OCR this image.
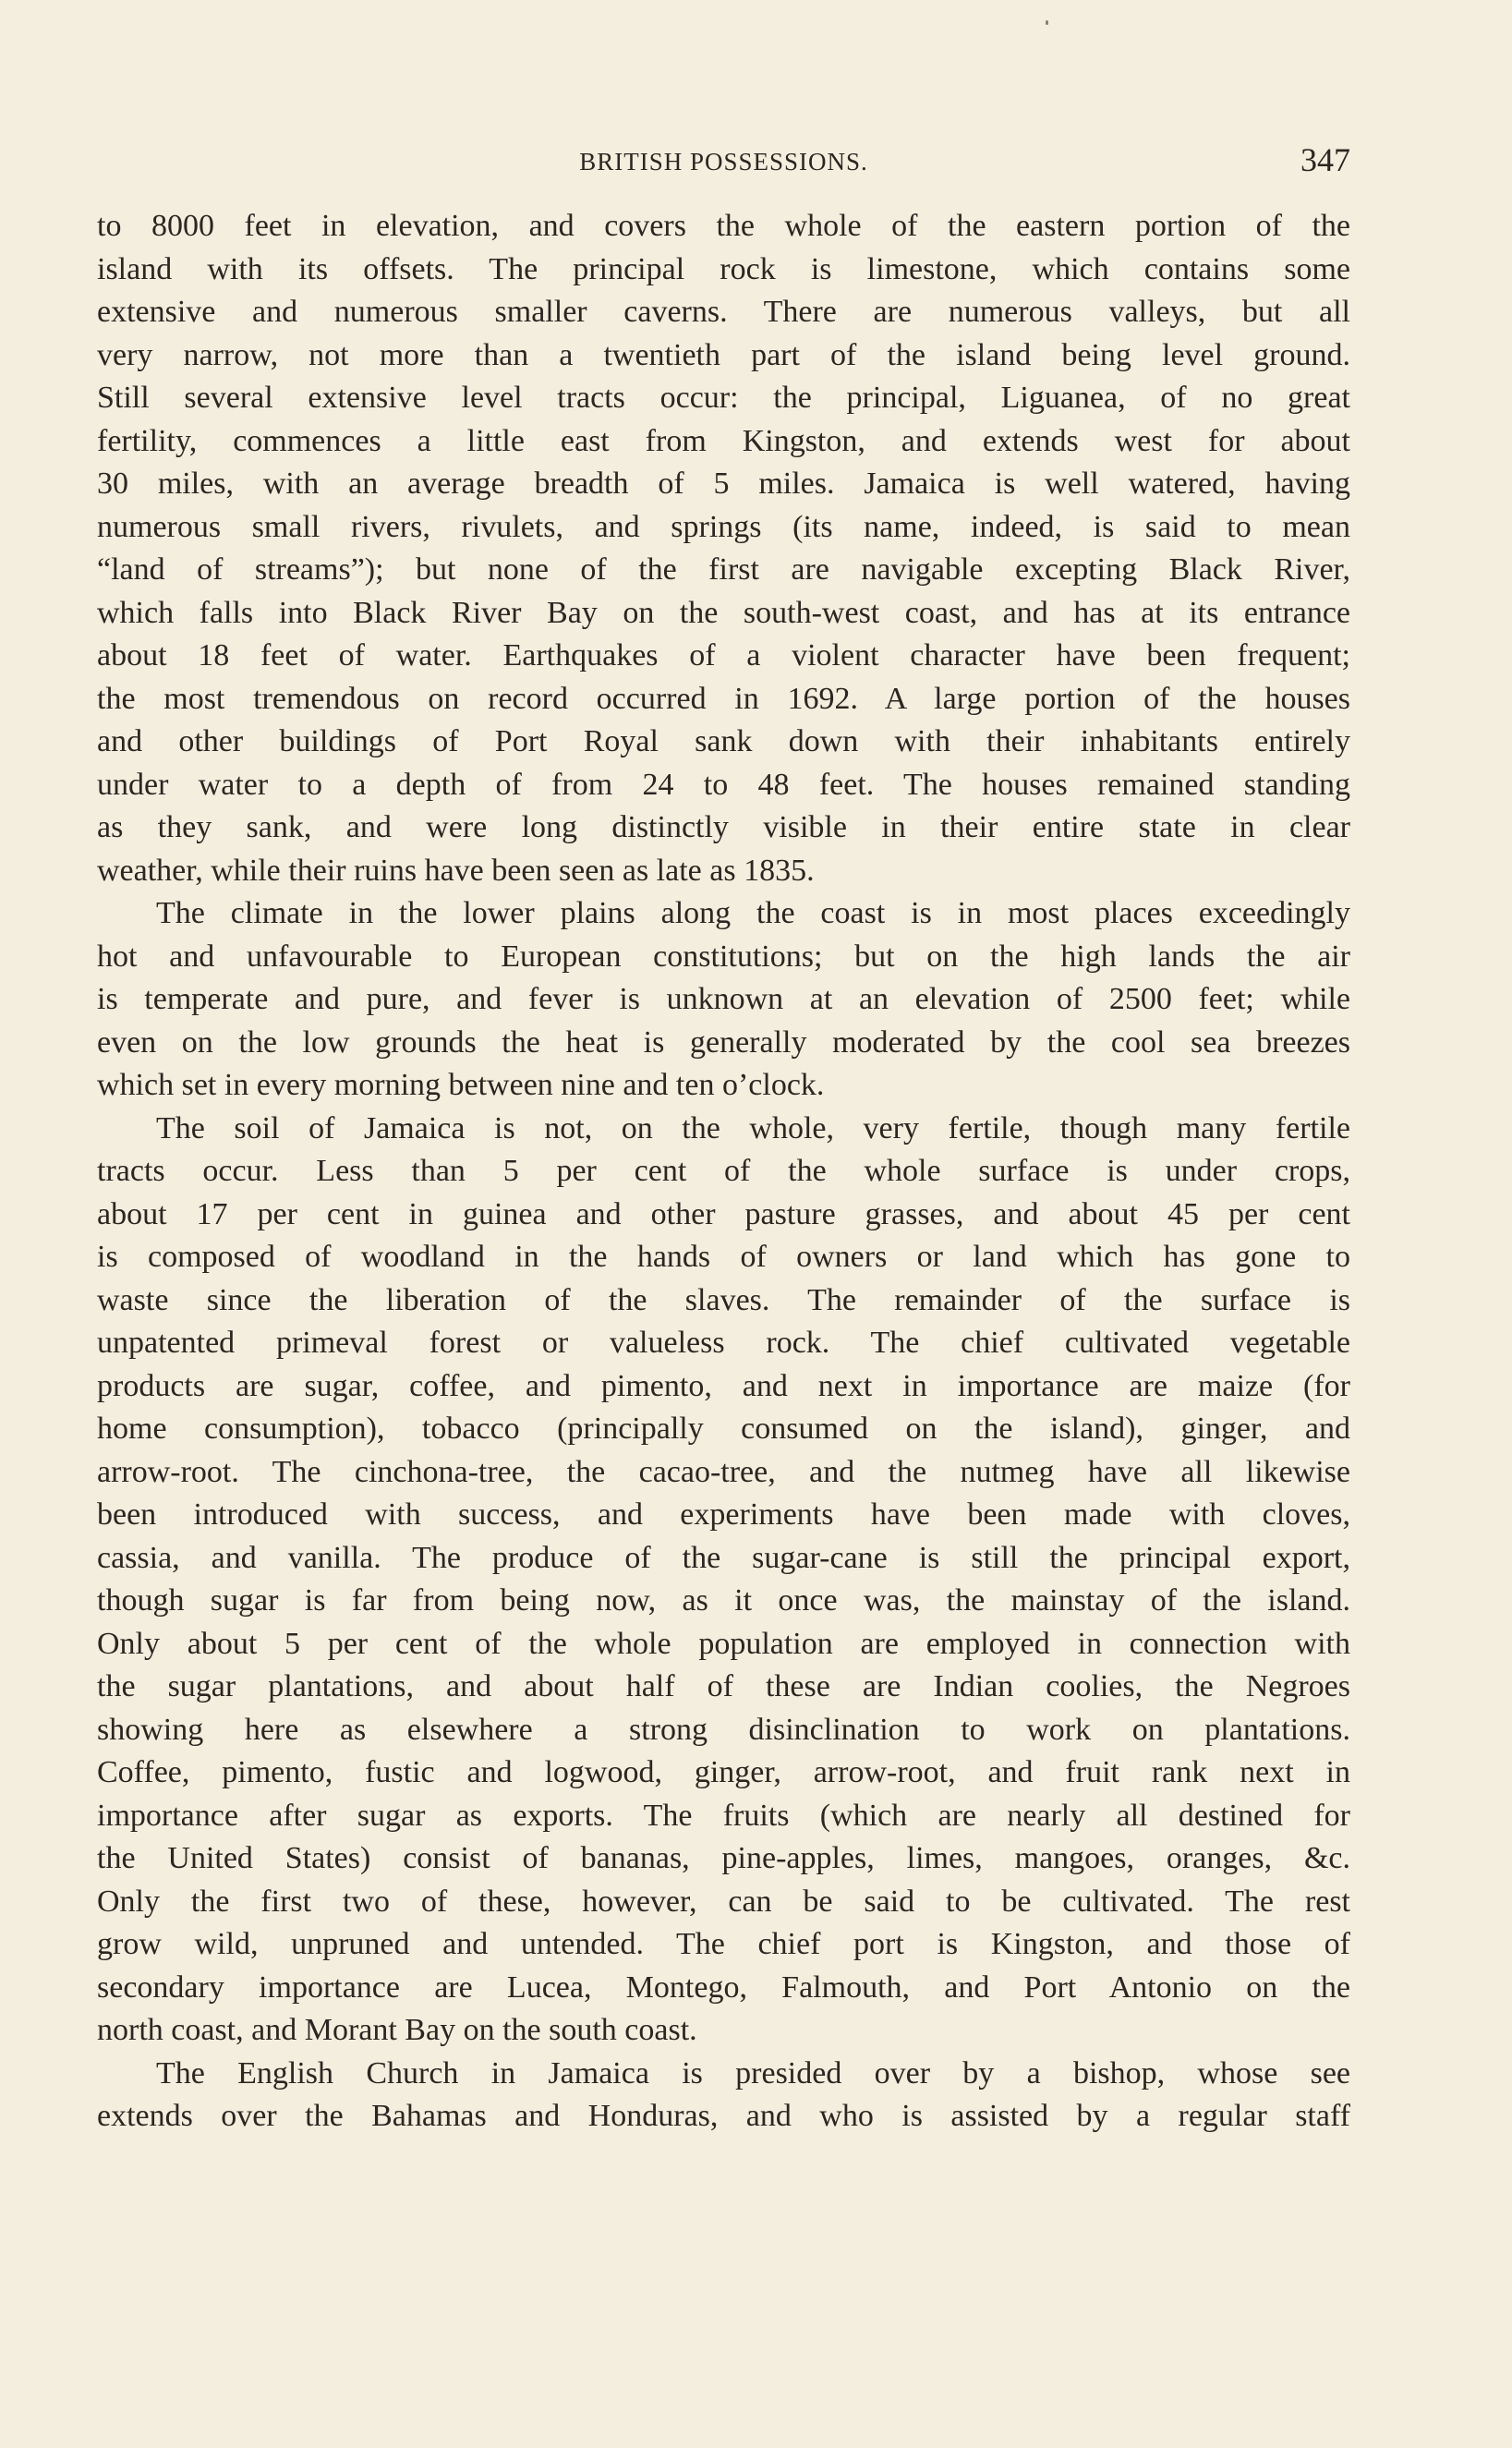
BRITISH POSSESSIONS.	347
to 8000 feet in elevation, and covers the whole of the eastern portion of the
island with its offsets. The principal rock is limestone, which contains some
extensive and numerous smaller caverns. There are numerous valleys, but all
very narrow, not more than a twentieth part of the island being level ground.
Still several extensive level tracts occur: the principal, Liguanea, of no great
fertility, commences a little east from Kingston, and extends west for about
30 miles, with an average breadth of 5 miles. Jamaica is well watered, having
numerous small rivers, rivulets, and springs (its name, indeed, is said to mean
“land of streams”); but none of the first are navigable excepting Black River,
which falls into Black River Bay on the south-west coast, and has at its entrance
about 18 feet of water. Earthquakes of a violent character have been frequent;
the most tremendous on record occurred in 1692. A large portion of the houses
and other buildings of Port Royal sank down with their inhabitants entirely
under water to a depth of from 24 to 48 feet. The houses remained standing
as they sank, and were long distinctly visible in their entire state in clear
weather, while their ruins have been seen as late as 1835.
The climate in the lower plains along the coast is in most places exceedingly
hot and unfavourable to European constitutions; but on the high lands the air
is temperate and pure, and fever is unknown at an elevation of 2500 feet; while
even on the low grounds the heat is generally moderated by the cool sea breezes
which set in every morning between nine and ten o’clock.
The soil of Jamaica is not, on the whole, very fertile, though many fertile
tracts occur. Less than 5 per cent of the whole surface is under crops,
about 17 per cent in guinea and other pasture grasses, and about 45 per cent
is composed of woodland in the hands of owners or land which has gone to
waste since the liberation of the slaves. The remainder of the surface is
unpatented primeval forest or valueless rock. The chief cultivated vegetable
products are sugar, coffee, and pimento, and next in importance are maize (for
home consumption), tobacco (principally consumed on the island), ginger, and
arrow-root. The cinchona-tree, the cacao-tree, and the nutmeg have all likewise
been introduced with success, and experiments have been made with cloves,
cassia, and vanilla. The produce of the sugar-cane is still the principal export,
though sugar is far from being now, as it once was, the mainstay of the island.
Only about 5 per cent of the whole population are employed in connection with
the sugar plantations, and about half of these are Indian coolies, the Negroes
showing here as elsewhere a strong disinclination to work on plantations.
Coffee, pimento, fustic and logwood, ginger, arrow-root, and fruit rank next in
importance after sugar as exports. The fruits (which are nearly all destined for
the United States) consist of bananas, pine-apples, limes, mangoes, oranges, &c.
Only the first two of these, however, can be said to be cultivated. The rest
grow wild, unpruned and untended. The chief port is Kingston, and those of
secondary importance are Lucea, Montego, Falmouth, and Port Antonio on the
north coast, and Morant Bay on the south coast.
The English Church in Jamaica is presided over by a bishop, whose see
extends over the Bahamas and Honduras, and who is assisted by a regular staff
